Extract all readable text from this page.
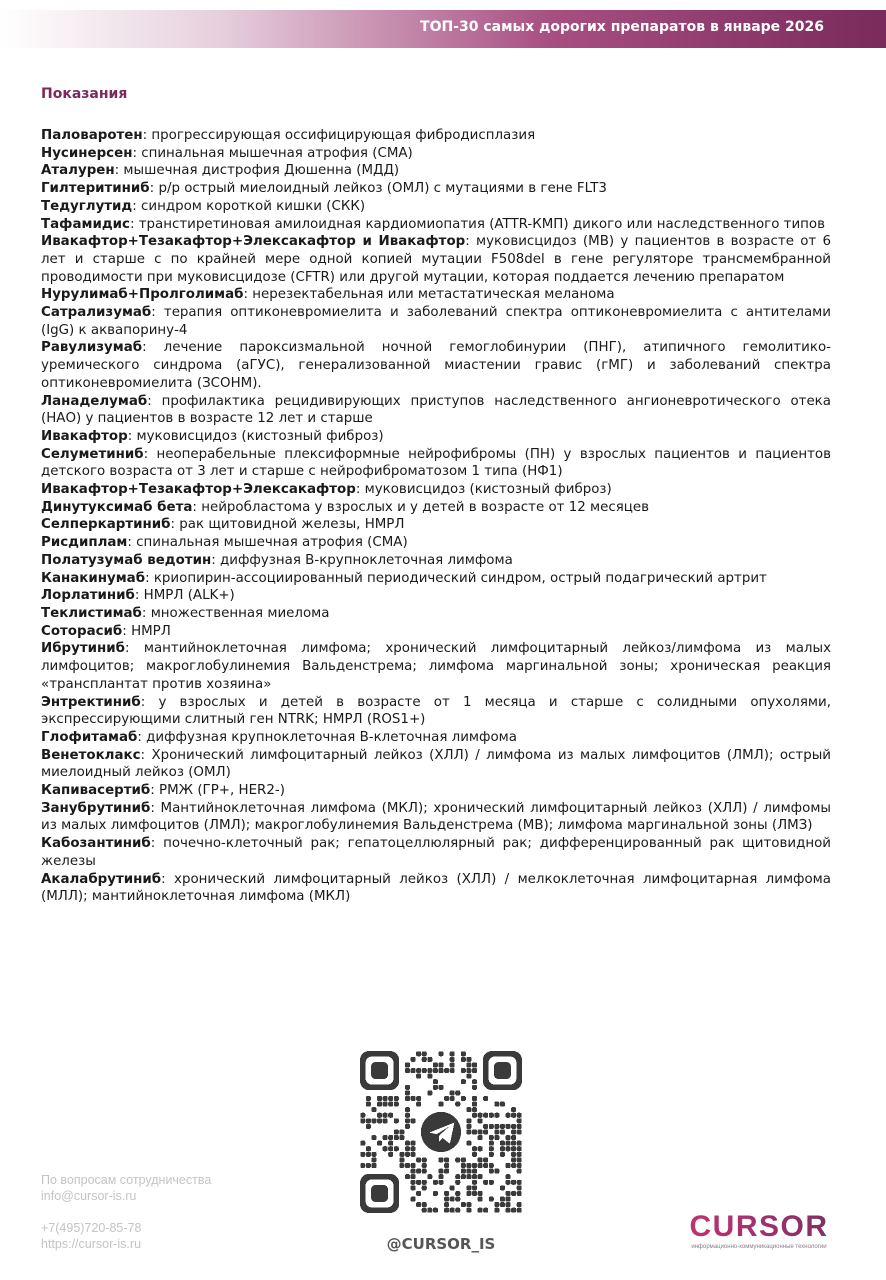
ТОП-30 самых дорогих препаратов в январе 2026
Показания

Паловаротен: прогрессирующая оссифицирующая фибродисплазия

Нусинерсен: спинальная мышечная атрофия (СМА)

Аталурен: мышечная дистрофия Дюшенна (МДД)

Гилтеритиниб: р/р острый миелоидный лейкоз (ОМЛ) с мутациями в гене FLT3

Тедуглутид: синдром короткой кишки (СКК)

Тафамидис: транстиретиновая амилоидная кардиомиопатия (ATTR-КМП) дикого или наследственного типов

Ивакафтор+Тезакафтор+Элексакафтор и Ивакафтор: муковисцидоз (МВ) у пациентов в возрасте от 6 лет и старше с по крайней мере одной копией мутации F508del в гене регуляторе трансмембранной проводимости при муковисцидозе (CFTR) или другой мутации, которая поддается лечению препаратом

Нурулимаб+Пролголимаб: нерезектабельная или метастатическая меланома

Сатрализумаб: терапия оптиконевромиелита и заболеваний спектра оптиконевромиелита с антителами (IgG) к аквапорину-4

Равулизумаб: лечение пароксизмальной ночной гемоглобинурии (ПНГ), атипичного гемолитико-уремического синдрома (аГУС), генерализованной миастении гравис (гМГ) и заболеваний спектра оптиконевромиелита (ЗСОНМ).

Ланаделумаб: профилактика рецидивирующих приступов наследственного ангионевротического отека (НАО) у пациентов в возрасте 12 лет и старше

Ивакафтор: муковисцидоз (кистозный фиброз)

Селуметиниб: неоперабельные плексиформные нейрофибромы (ПН) у взрослых пациентов и пациентов детского возраста от 3 лет и старше с нейрофиброматозом 1 типа (НФ1)

Ивакафтор+Тезакафтор+Элексакафтор: муковисцидоз (кистозный фиброз)

Динутуксимаб бета: нейробластома у взрослых и у детей в возрасте от 12 месяцев

Селперкартиниб: рак щитовидной железы, НМРЛ

Рисдиплам: спинальная мышечная атрофия (СМА)

Полатузумаб ведотин: диффузная В-крупноклеточная лимфома

Канакинумаб: криопирин-ассоциированный периодический синдром, острый подагрический артрит

Лорлатиниб: НМРЛ (ALK+)

Теклистимаб: множественная миелома

Соторасиб: НМРЛ

Ибрутиниб: мантийноклеточная лимфома; хронический лимфоцитарный лейкоз/лимфома из малых лимфоцитов; макроглобулинемия Вальденстрема; лимфома маргинальной зоны; хроническая реакция «трансплантат против хозяина»

Энтректиниб: у взрослых и детей в возрасте от 1 месяца и старше с солидными опухолями, экспрессирующими слитный ген NTRK; НМРЛ (ROS1+)

Глофитамаб: диффузная крупноклеточная В-клеточная лимфома

Венетоклакс: Хронический лимфоцитарный лейкоз (ХЛЛ) / лимфома из малых лимфоцитов (ЛМЛ); острый миелоидный лейкоз (ОМЛ)

Капивасертиб: РМЖ (ГР+, HER2-)

Занубрутиниб: Мантийноклеточная лимфома (МКЛ); хронический лимфоцитарный лейкоз (ХЛЛ) / лимфомы из малых лимфоцитов (ЛМЛ); макроглобулинемия Вальденстрема (МВ); лимфома маргинальной зоны (ЛМЗ)

Кабозантиниб: почечно-клеточный рак; гепатоцеллюлярный рак; дифференцированный рак щитовидной железы

Акалабрутиниб: хронический лимфоцитарный лейкоз (ХЛЛ) / мелкоклеточная лимфоцитарная лимфома (МЛЛ); мантийноклеточная лимфома (МКЛ)

По вопросам сотрудничества
info@cursor-is.ru
+7(495)720-85-78
https://cursor-is.ru	@CURSOR_IS
CURSOR
информационно-коммуникационные технологии
